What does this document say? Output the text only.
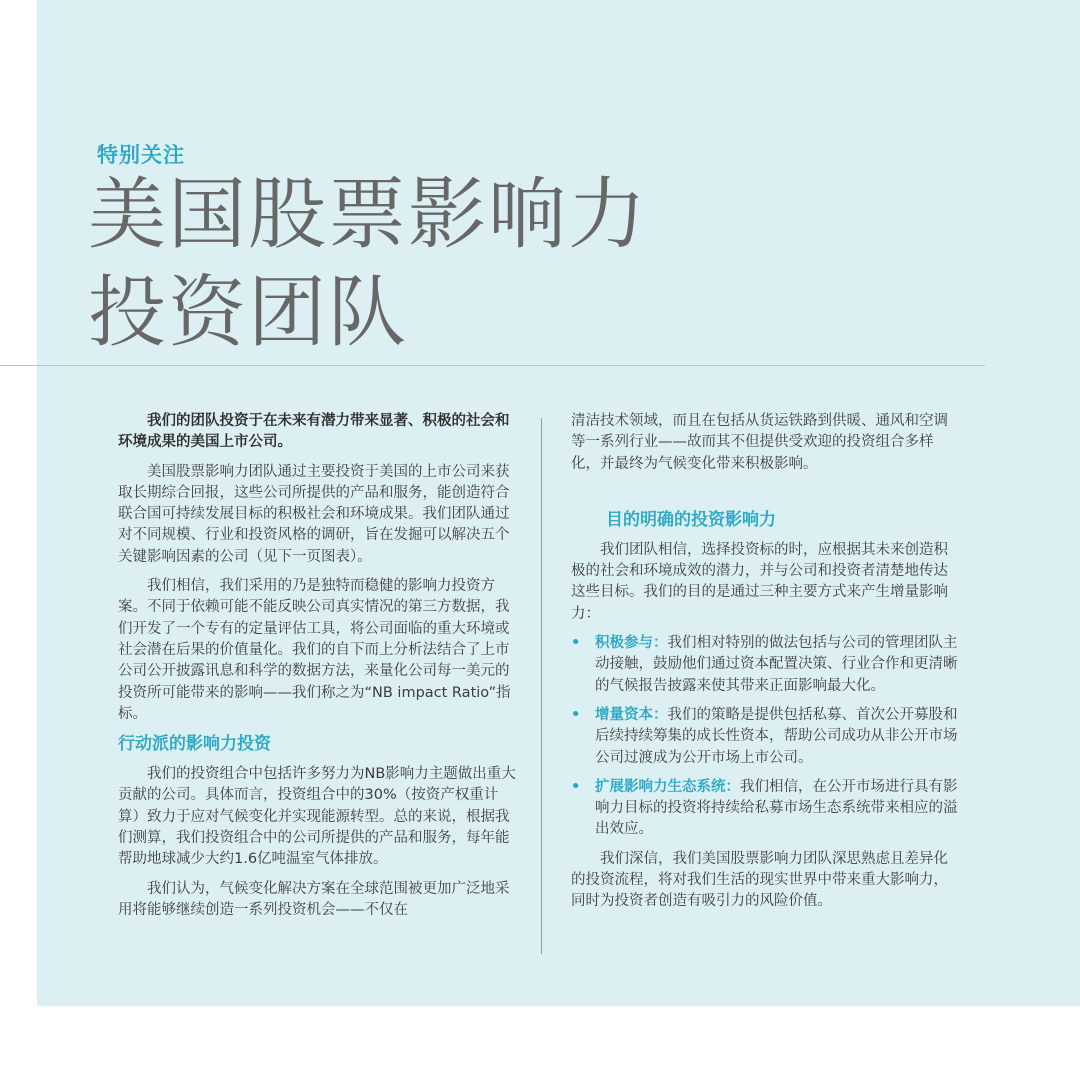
特别关注
美国股票影响力
投资团队

我们的团队投资于在未来有潜力带来显著、积极的社会和环境成果的美国上市公司。

美国股票影响力团队通过主要投资于美国的上市公司来获取长期综合回报，这些公司所提供的产品和服务，能创造符合联合国可持续发展目标的积极社会和环境成果。我们团队通过对不同规模、行业和投资风格的调研，旨在发掘可以解决五个关键影响因素的公司（见下一页图表）。

我们相信，我们采用的乃是独特而稳健的影响力投资方案。不同于依赖可能不能反映公司真实情况的第三方数据，我们开发了一个专有的定量评估工具，将公司面临的重大环境或社会潜在后果的价值量化。我们的自下而上分析法结合了上市公司公开披露讯息和科学的数据方法，来量化公司每一美元的投资所可能带来的影响——我们称之为“NB impact Ratio”指标。

行动派的影响力投资

我们的投资组合中包括许多努力为NB影响力主题做出重大贡献的公司。具体而言，投资组合中的30%（按资产权重计算）致力于应对气候变化并实现能源转型。总的来说，根据我们测算，我们投资组合中的公司所提供的产品和服务，每年能帮助地球减少大约1.6亿吨温室气体排放。

我们认为，气候变化解决方案在全球范围被更加广泛地采用将能够继续创造一系列投资机会——不仅在

清洁技术领域，而且在包括从货运铁路到供暖、通风和空调等一系列行业——故而其不但提供受欢迎的投资组合多样化，并最终为气候变化带来积极影响。

目的明确的投资影响力

我们团队相信，选择投资标的时，应根据其未来创造积极的社会和环境成效的潜力，并与公司和投资者清楚地传达这些目标。我们的目的是通过三种主要方式来产生增量影响力：

• 积极参与：我们相对特别的做法包括与公司的管理团队主动接触，鼓励他们通过资本配置决策、行业合作和更清晰的气候报告披露来使其带来正面影响最大化。
• 增量资本：我们的策略是提供包括私募、首次公开募股和后续持续筹集的成长性资本，帮助公司成功从非公开市场公司过渡成为公开市场上市公司。
• 扩展影响力生态系统：我们相信，在公开市场进行具有影响力目标的投资将持续给私募市场生态系统带来相应的溢出效应。

我们深信，我们美国股票影响力团队深思熟虑且差异化的投资流程，将对我们生活的现实世界中带来重大影响力，同时为投资者创造有吸引力的风险价值。
